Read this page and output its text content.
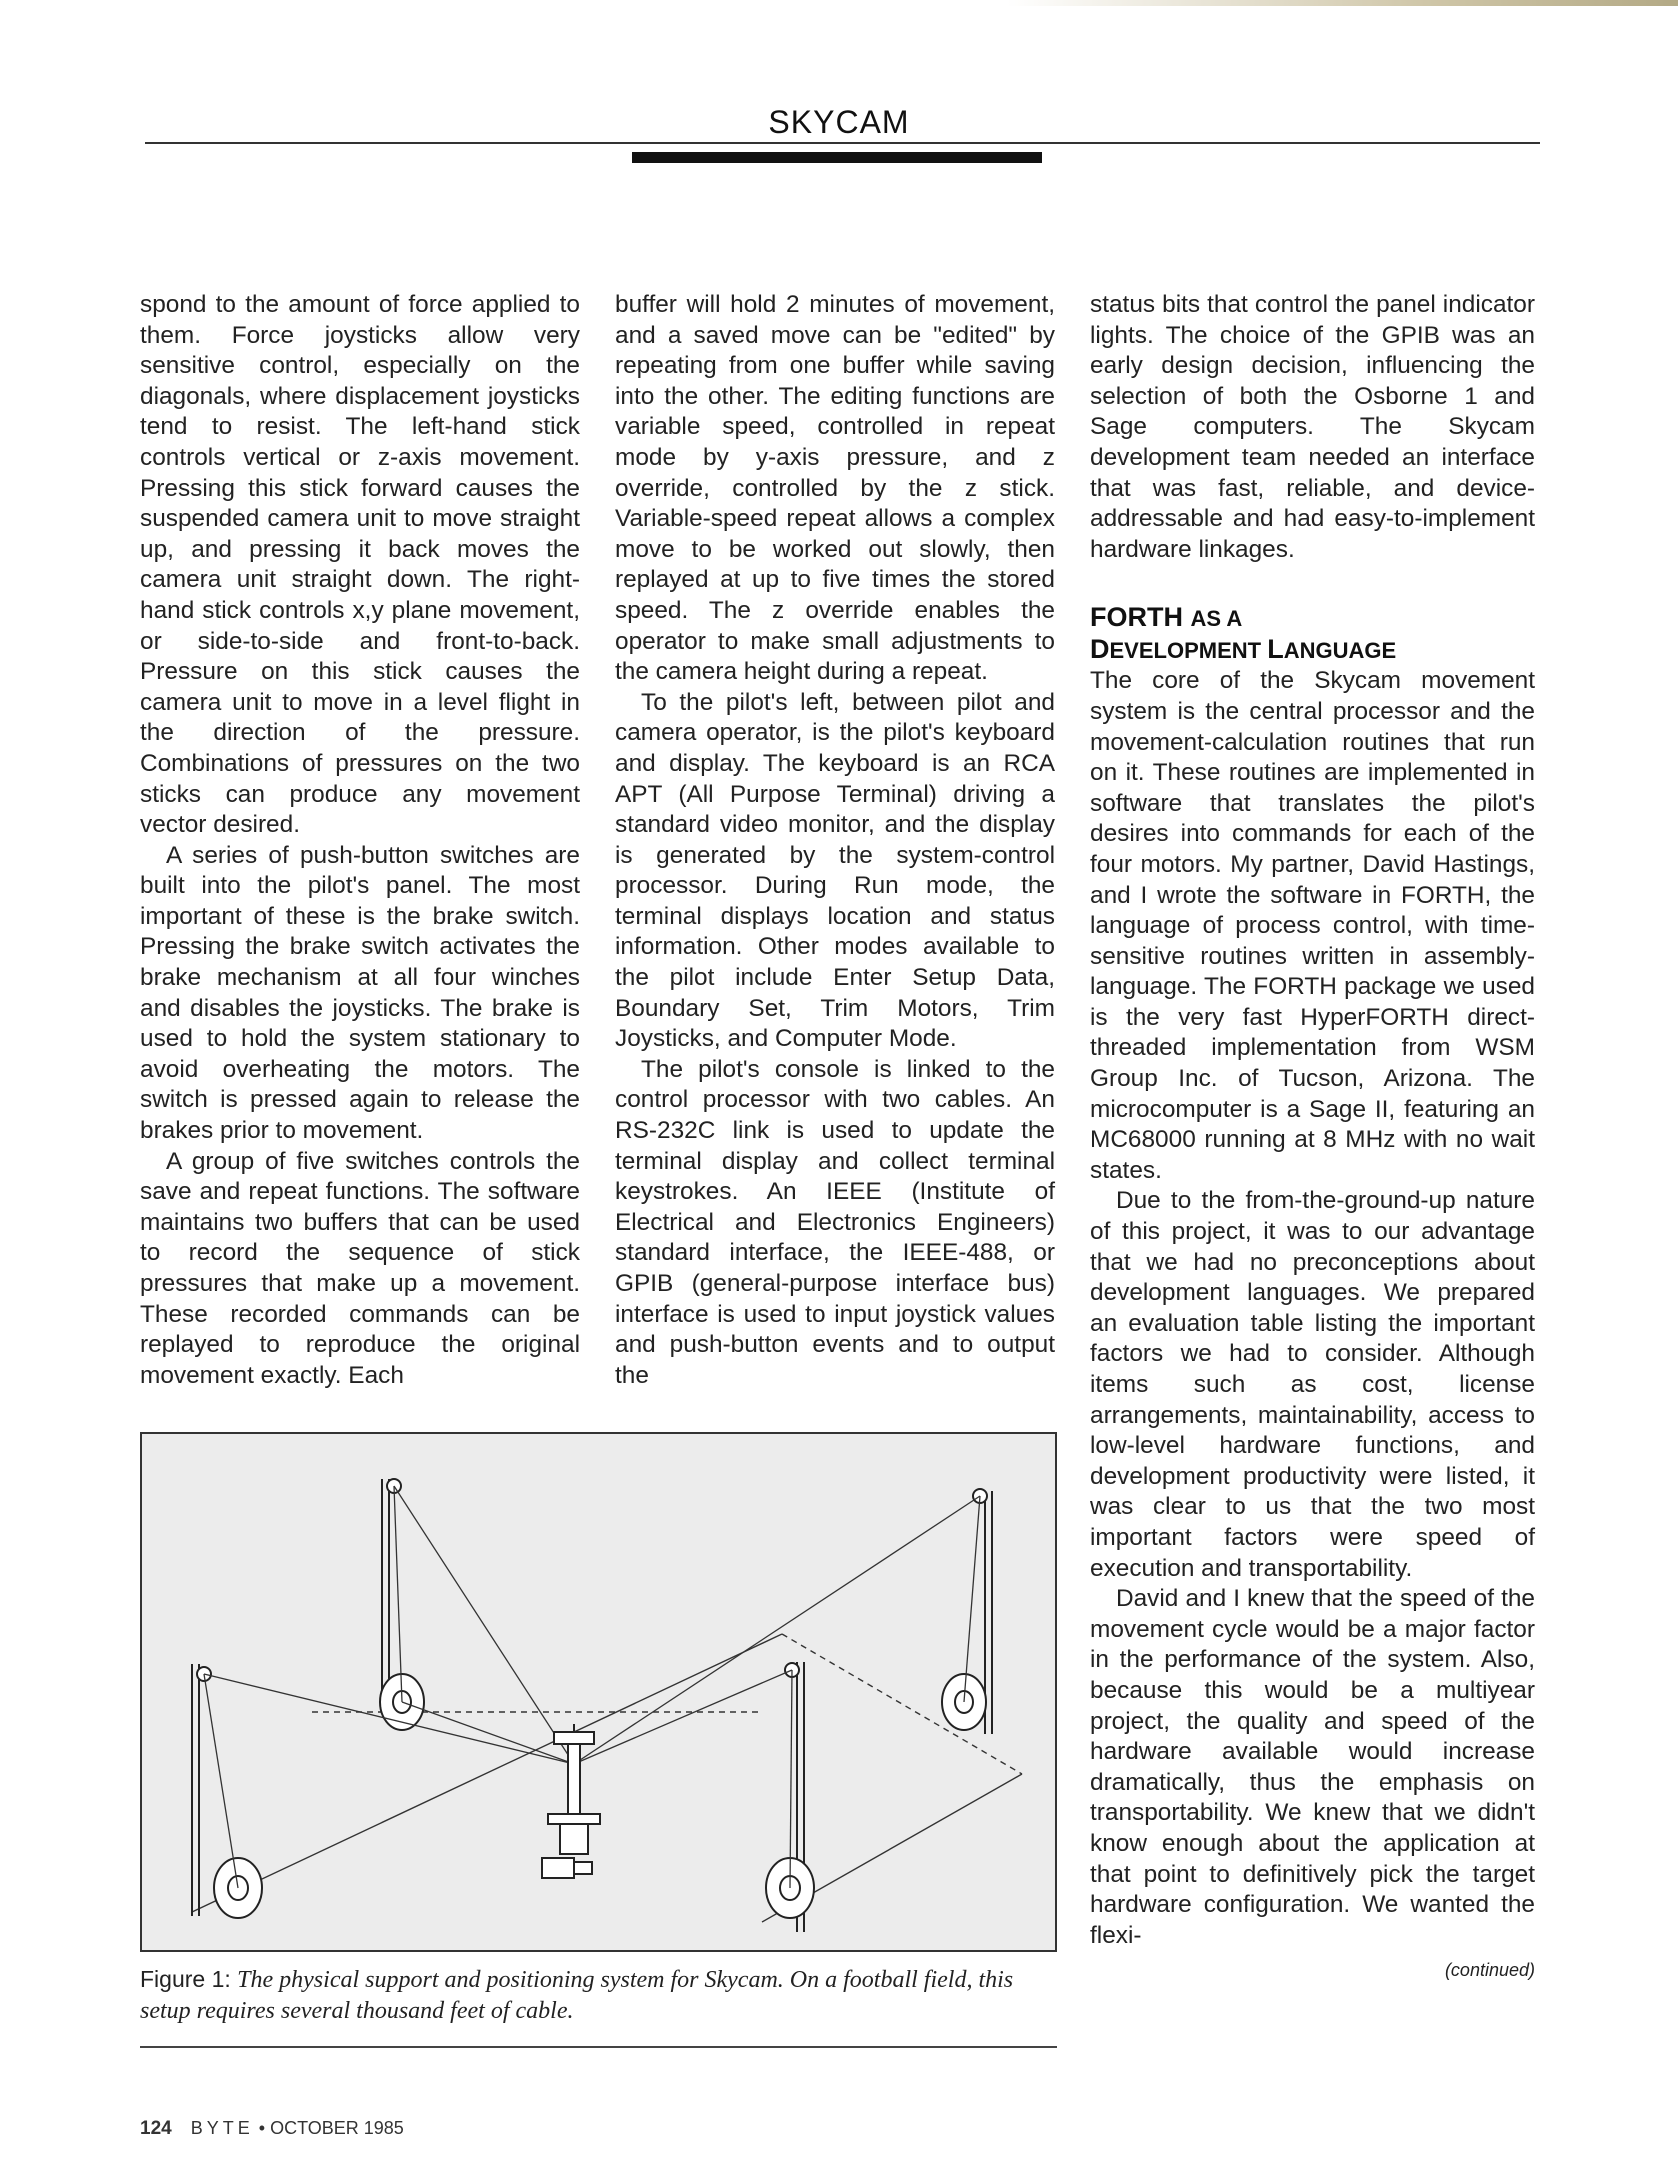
SKYCAM

spond to the amount of force applied to them. Force joysticks allow very sensitive control, especially on the diagonals, where displacement joysticks tend to resist. The left-hand stick controls vertical or z-axis movement. Pressing this stick forward causes the suspended camera unit to move straight up, and pressing it back moves the camera unit straight down. The right-hand stick controls x,y plane movement, or side-to-side and front-to-back. Pressure on this stick causes the camera unit to move in a level flight in the direction of the pressure. Combinations of pressures on the two sticks can produce any movement vector desired.

A series of push-button switches are built into the pilot's panel. The most important of these is the brake switch. Pressing the brake switch activates the brake mechanism at all four winches and disables the joysticks. The brake is used to hold the system stationary to avoid overheating the motors. The switch is pressed again to release the brakes prior to movement.

A group of five switches controls the save and repeat functions. The software maintains two buffers that can be used to record the sequence of stick pressures that make up a movement. These recorded commands can be replayed to reproduce the original movement exactly. Each

buffer will hold 2 minutes of movement, and a saved move can be "edited" by repeating from one buffer while saving into the other. The editing functions are variable speed, controlled in repeat mode by y-axis pressure, and z override, controlled by the z stick. Variable-speed repeat allows a complex move to be worked out slowly, then replayed at up to five times the stored speed. The z override enables the operator to make small adjustments to the camera height during a repeat.

To the pilot's left, between pilot and camera operator, is the pilot's keyboard and display. The keyboard is an RCA APT (All Purpose Terminal) driving a standard video monitor, and the display is generated by the system-control processor. During Run mode, the terminal displays location and status information. Other modes available to the pilot include Enter Setup Data, Boundary Set, Trim Motors, Trim Joysticks, and Computer Mode.

The pilot's console is linked to the control processor with two cables. An RS-232C link is used to update the terminal display and collect terminal keystrokes. An IEEE (Institute of Electrical and Electronics Engineers) standard interface, the IEEE-488, or GPIB (general-purpose interface bus) interface is used to input joystick values and push-button events and to output the

status bits that control the panel indicator lights. The choice of the GPIB was an early design decision, influencing the selection of both the Osborne 1 and Sage computers. The Skycam development team needed an interface that was fast, reliable, and device-addressable and had easy-to-implement hardware linkages.

FORTH AS A
DEVELOPMENT LANGUAGE

The core of the Skycam movement system is the central processor and the movement-calculation routines that run on it. These routines are implemented in software that translates the pilot's desires into commands for each of the four motors. My partner, David Hastings, and I wrote the software in FORTH, the language of process control, with time-sensitive routines written in assembly-language. The FORTH package we used is the very fast HyperFORTH direct-threaded implementation from WSM Group Inc. of Tucson, Arizona. The microcomputer is a Sage II, featuring an MC68000 running at 8 MHz with no wait states.

Due to the from-the-ground-up nature of this project, it was to our advantage that we had no preconceptions about development languages. We prepared an evaluation table listing the important factors we had to consider. Although items such as cost, license arrangements, maintainability, access to low-level hardware functions, and development productivity were listed, it was clear to us that the two most important factors were speed of execution and transportability.

David and I knew that the speed of the movement cycle would be a major factor in the performance of the system. Also, because this would be a multiyear project, the quality and speed of the hardware available would increase dramatically, thus the emphasis on transportability. We knew that we didn't know enough about the application at that point to definitively pick the target hardware configuration. We wanted the flexi-

(continued)

Figure 1: The physical support and positioning system for Skycam. On a football field, this setup requires several thousand feet of cable.
124 BYTE • OCTOBER 1985
